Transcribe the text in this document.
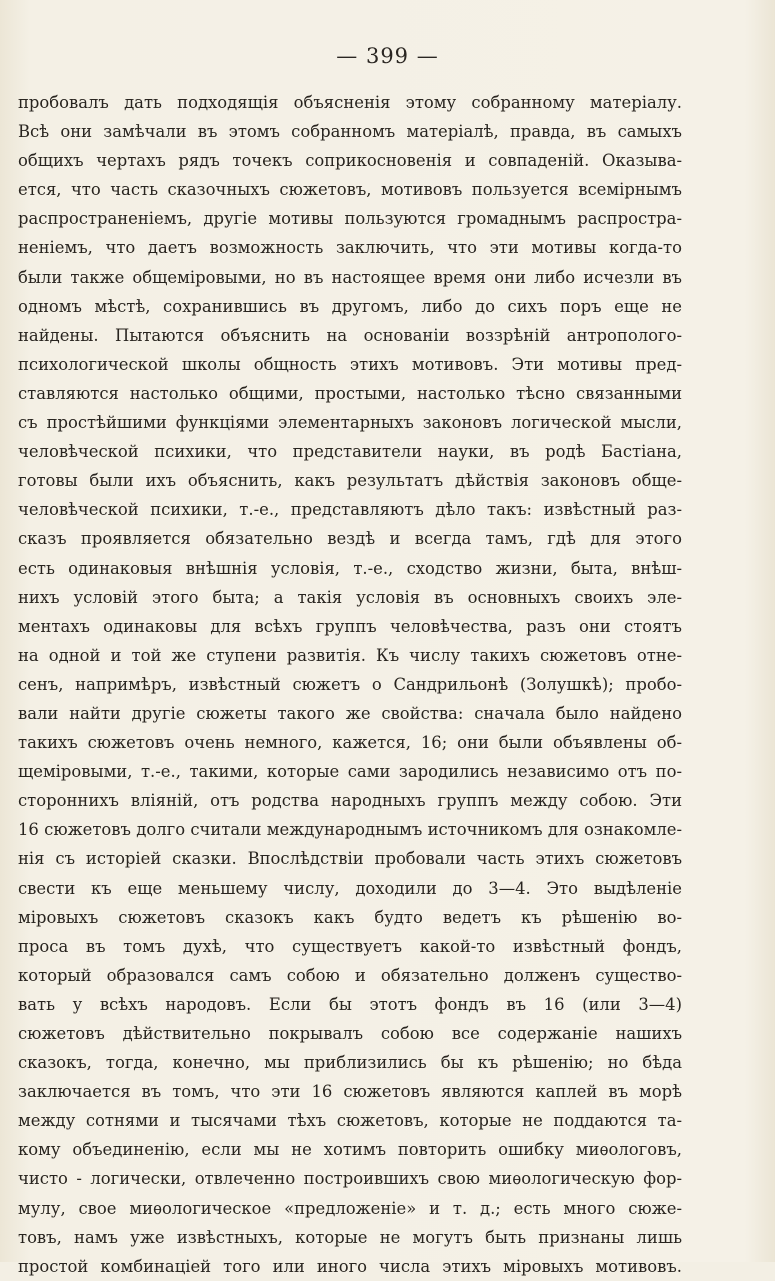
— 399 —
пробовалъ дать подходящія объясненія этому собранному матеріалу.
Всѣ они замѣчали въ этомъ собранномъ матеріалѣ, правда, въ самыхъ
общихъ чертахъ рядъ точекъ соприкосновенія и совпаденій. Оказыва-
ется, что часть сказочныхъ сюжетовъ, мотивовъ пользуется всемірнымъ
распространеніемъ, другіе мотивы пользуются громаднымъ распростра-
неніемъ, что даетъ возможность заключить, что эти мотивы когда-то
были также общеміровыми, но въ настоящее время они либо исчезли въ
одномъ мѣстѣ, сохранившись въ другомъ, либо до сихъ поръ еще не
найдены. Пытаются объяснить на основаніи воззрѣній антропологo-
психологической школы общность этихъ мотивовъ. Эти мотивы пред-
ставляются настолько общими, простыми, настолько тѣсно связанными
съ простѣйшими функціями элементарныхъ законовъ логической мысли,
человѣческой психики, что представители науки, въ родѣ Бастіана,
готовы были ихъ объяснить, какъ результатъ дѣйствія законовъ обще-
человѣческой психики, т.-е., представляютъ дѣло такъ: извѣстный раз-
сказъ проявляется обязательно вездѣ и всегда тамъ, гдѣ для этого
есть одинаковыя внѣшнія условія, т.-е., сходство жизни, быта, внѣш-
нихъ условій этого быта; а такія условія въ основныхъ своихъ эле-
ментахъ одинаковы для всѣхъ группъ человѣчества, разъ они стоятъ
на одной и той же ступени развитія. Къ числу такихъ сюжетовъ отне-
сенъ, напримѣръ, извѣстный сюжетъ о Сандрильонѣ (Золушкѣ); пробо-
вали найти другіе сюжеты такого же свойства: сначала было найдено
такихъ сюжетовъ очень немного, кажется, 16; они были объявлены об-
щеміровыми, т.-е., такими, которые сами зародились независимо отъ по-
стороннихъ вліяній, отъ родства народныхъ группъ между собою. Эти
16 сюжетовъ долго считали международнымъ источникомъ для ознакомле-
нія съ исторіей сказки. Впослѣдствіи пробовали часть этихъ сюжетовъ
свести къ еще меньшему числу, доходили до 3—4. Это выдѣленіе
міровыхъ сюжетовъ сказокъ какъ будто ведетъ къ рѣшенію во-
проса въ томъ духѣ, что существуетъ какой-то извѣстный фондъ,
который образовался самъ собою и обязательно долженъ существо-
вать у всѣхъ народовъ. Если бы этотъ фондъ въ 16 (или 3—4)
сюжетовъ дѣйствительно покрывалъ собою все содержаніе нашихъ
сказокъ, тогда, конечно, мы приблизились бы къ рѣшенію; но бѣда
заключается въ томъ, что эти 16 сюжетовъ являются каплей въ морѣ
между сотнями и тысячами тѣхъ сюжетовъ, которые не поддаются та-
кому объединенію, если мы не хотимъ повторить ошибку миѳологовъ,
чисто - логически, отвлеченно построившихъ свою миѳологическую фор-
мулу, свое миѳологическое «предложеніе» и т. д.; есть много сюже-
товъ, намъ уже извѣстныхъ, которые не могутъ быть признаны лишь
простой комбинаціей того или иного числа этихъ міровыхъ мотивовъ.
